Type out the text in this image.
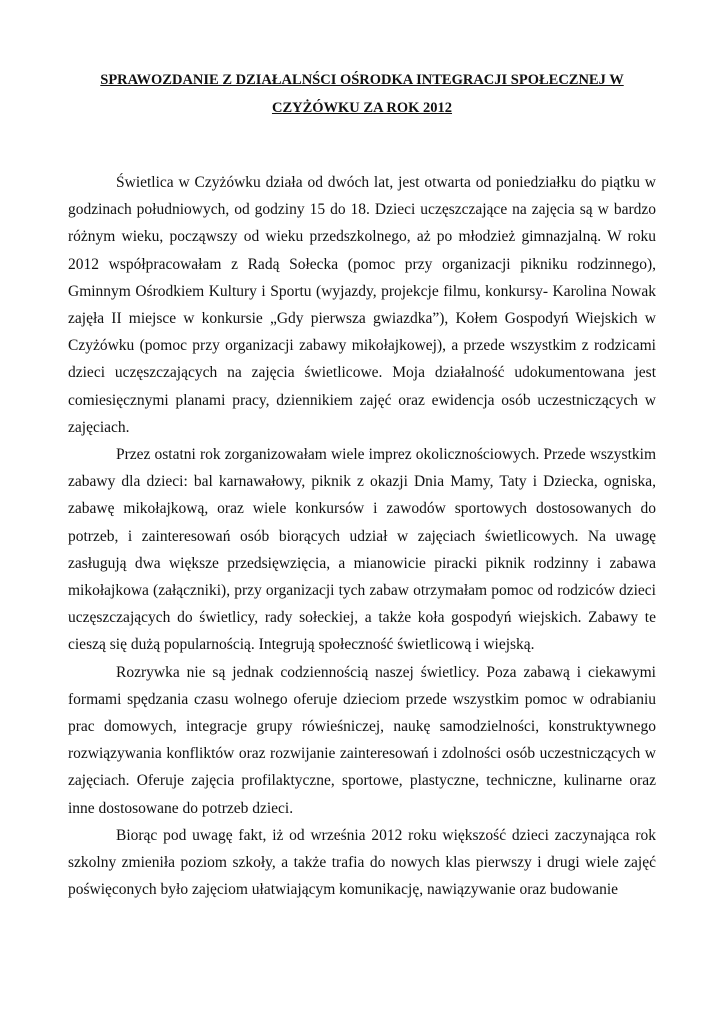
SPRAWOZDANIE Z DZIAŁALNŚCI OŚRODKA INTEGRACJI SPOŁECZNEJ W CZYŻÓWKU ZA ROK 2012

Świetlica w Czyżówku działa od dwóch lat, jest otwarta od poniedziałku do piątku w godzinach południowych, od godziny 15 do 18. Dzieci uczęszczające na zajęcia są w bardzo różnym wieku, począwszy od wieku przedszkolnego, aż po młodzież gimnazjalną. W roku 2012 współpracowałam z Radą Sołecka (pomoc przy organizacji pikniku rodzinnego), Gminnym Ośrodkiem Kultury i Sportu (wyjazdy, projekcje filmu, konkursy- Karolina Nowak zajęła II miejsce w konkursie „Gdy pierwsza gwiazdka”), Kołem Gospodyń Wiejskich w Czyżówku (pomoc przy organizacji zabawy mikołajkowej), a przede wszystkim z rodzicami dzieci uczęszczających na zajęcia świetlicowe. Moja działalność udokumentowana jest comiesięcznymi planami pracy, dziennikiem zajęć oraz ewidencja osób uczestniczących w zajęciach.

Przez ostatni rok zorganizowałam wiele imprez okolicznościowych. Przede wszystkim zabawy dla dzieci: bal karnawałowy, piknik z okazji Dnia Mamy, Taty i Dziecka, ogniska, zabawę mikołajkową, oraz wiele konkursów i zawodów sportowych dostosowanych do potrzeb, i zainteresowań osób biorących udział w zajęciach świetlicowych. Na uwagę zasługują dwa większe przedsięwzięcia, a mianowicie piracki piknik rodzinny i zabawa mikołajkowa (załączniki), przy organizacji tych zabaw otrzymałam pomoc od rodziców dzieci uczęszczających do świetlicy, rady sołeckiej, a także koła gospodyń wiejskich. Zabawy te cieszą się dużą popularnością. Integrują społeczność świetlicową i wiejską.

Rozrywka nie są jednak codziennością naszej świetlicy. Poza zabawą i ciekawymi formami spędzania czasu wolnego oferuje dzieciom przede wszystkim pomoc w odrabianiu prac domowych, integracje grupy rówieśniczej, naukę samodzielności, konstruktywnego rozwiązywania konfliktów oraz rozwijanie zainteresowań i zdolności osób uczestniczących w zajęciach. Oferuje zajęcia profilaktyczne, sportowe, plastyczne, techniczne, kulinarne oraz inne dostosowane do potrzeb dzieci.

Biorąc pod uwagę fakt, iż od września 2012 roku większość dzieci zaczynająca rok szkolny zmieniła poziom szkoły, a także trafia do nowych klas pierwszy i drugi wiele zajęć poświęconych było zajęciom ułatwiającym komunikację, nawiązywanie oraz budowanie
